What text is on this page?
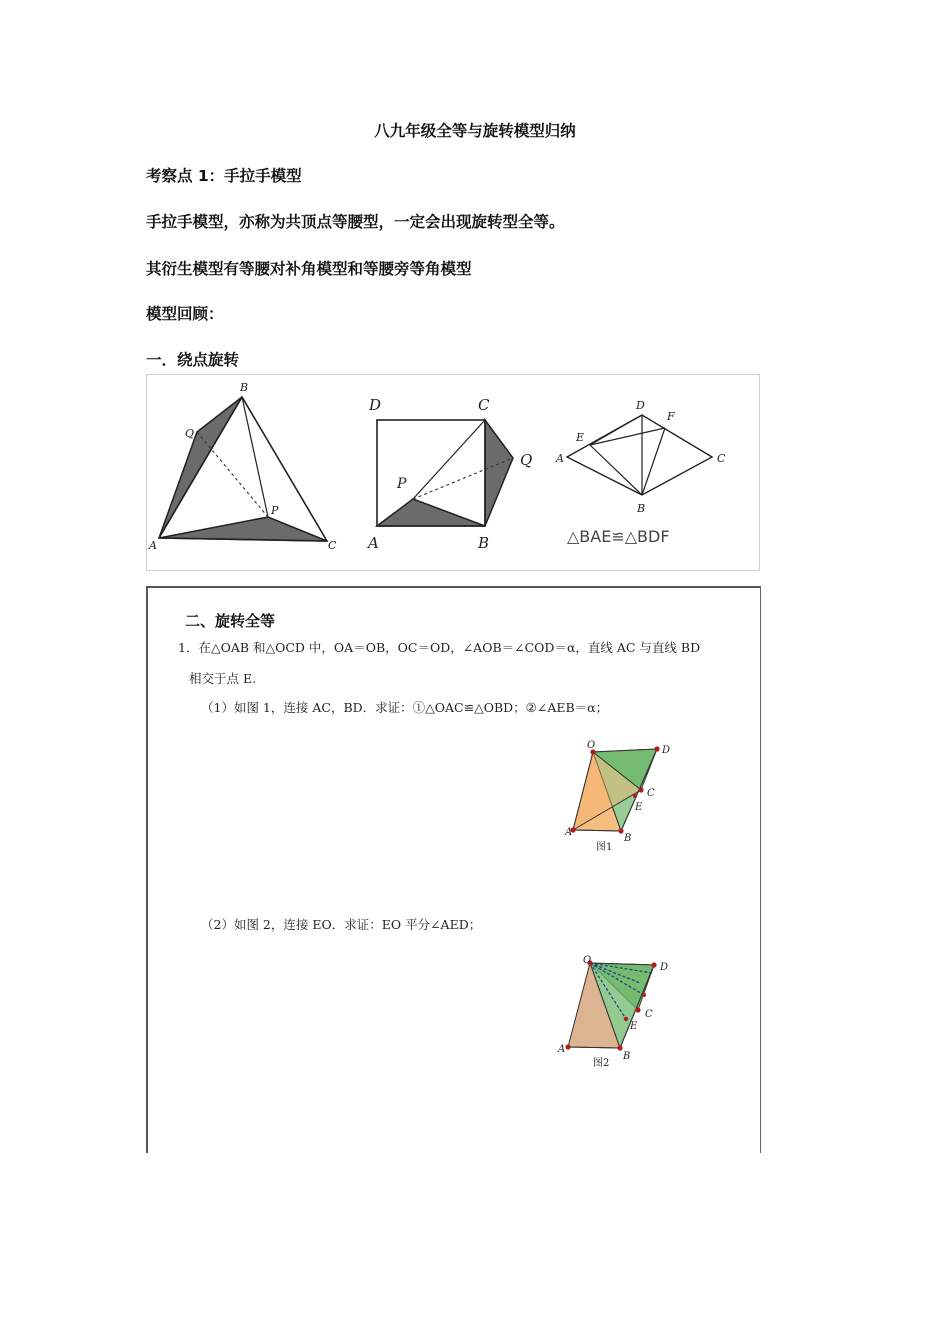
八九年级全等与旋转模型归纳
考察点 1：手拉手模型
手拉手模型，亦称为共顶点等腰型，一定会出现旋转型全等。
其衍生模型有等腰对补角模型和等腰旁等角模型
模型回顾：
一．绕点旋转
B
Q
A
P
C
D	C
P
Q
A	B
D
F
E
A	C
B
△BAE≌△BDF
二、旋转全等
1．在△OAB 和△OCD 中，OA＝OB，OC＝OD，∠AOB＝∠COD＝α，直线 AC 与直线 BD
相交于点 E.
（1）如图 1，连接 AC，BD．求证：①△OAC≌△OBD；②∠AEB＝α；
（2）如图 2，连接 EO．求证：EO 平分∠AED；
O	D
C
E
A
B
图1
O
D
C
E
A
B
图2
